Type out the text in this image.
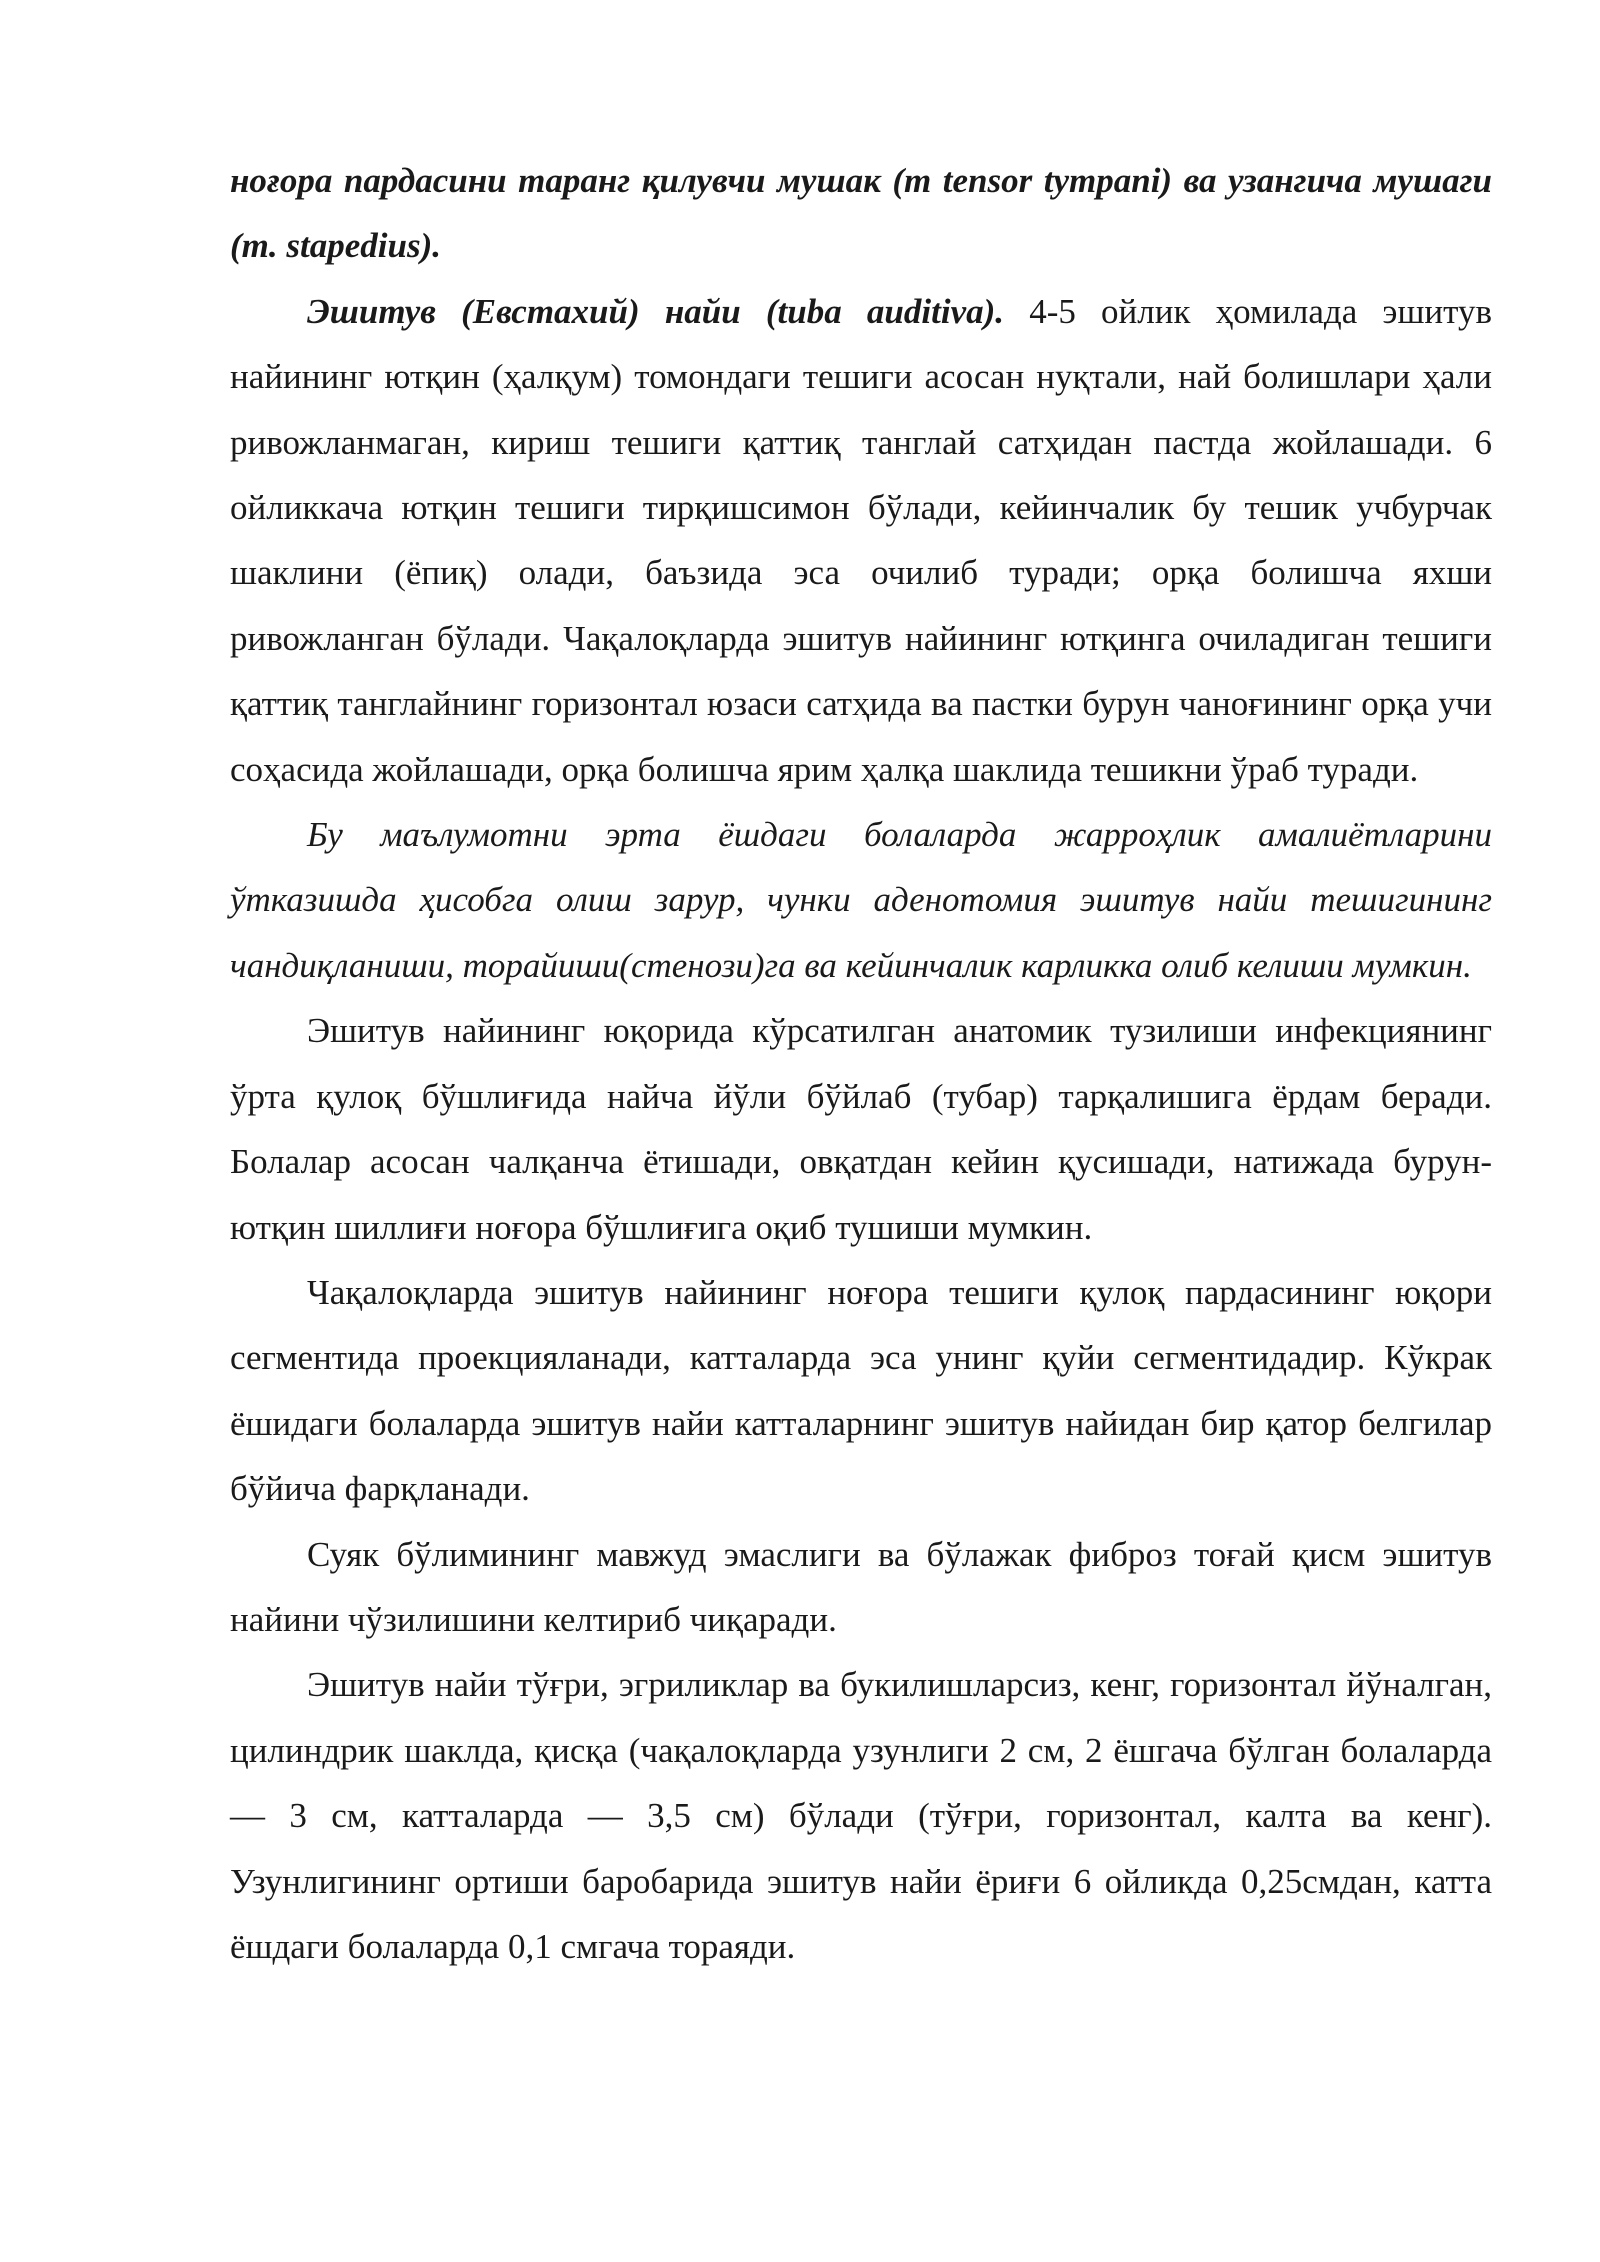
ноғора пардасини таранг қилувчи мушак (m tensor tympani) ва узангича мушаги (m. stapedius).

Эшитув (Евстахий) найи (tuba auditiva). 4-5 ойлик ҳомилада эшитув найининг ютқин (ҳалқум) томондаги тешиги асосан нуқтали, най болишлари ҳали ривожланмаган, кириш тешиги қаттиқ танглай сатҳидан пастда жойлашади. 6 ойликкача ютқин тешиги тирқишсимон бўлади, кейинчалик бу тешик учбурчак шаклини (ёпиқ) олади, баъзида эса очилиб туради; орқа болишча яхши ривожланган бўлади. Чақалоқларда эшитув найининг ютқинга очиладиган тешиги қаттиқ танглайнинг горизонтал юзаси сатҳида ва пастки бурун чаноғининг орқа учи соҳасида жойлашади, орқа болишча ярим ҳалқа шаклида тешикни ўраб туради.

Бу маълумотни эрта ёшдаги болаларда жарроҳлик амалиётларини ўтказишда ҳисобга олиш зарур, чунки аденотомия эшитув найи тешигининг чандиқланиши, торайиши(стенози)га ва кейинчалик карликка олиб келиши мумкин.

Эшитув найининг юқорида кўрсатилган анатомик тузилиши инфекциянинг ўрта қулоқ бўшлиғида найча йўли бўйлаб (тубар) тарқалишига ёрдам беради. Болалар асосан чалқанча ётишади, овқатдан кейин қусишади, натижада бурун-ютқин шиллиғи ноғора бўшлиғига оқиб тушиши мумкин.

Чақалоқларда эшитув найининг ноғора тешиги қулоқ пардасининг юқори сегментида проекцияланади, катталарда эса унинг қуйи сегментидадир. Кўкрак ёшидаги болаларда эшитув найи катталарнинг эшитув найидан бир қатор белгилар бўйича фарқланади.

Суяк бўлимининг мавжуд эмаслиги ва бўлажак фиброз тоғай қисм эшитув найини чўзилишини келтириб чиқаради.

Эшитув найи тўғри, эгриликлар ва букилишларсиз, кенг, горизонтал йўналган, цилиндрик шаклда, қисқа (чақалоқларда узунлиги 2 см, 2 ёшгача бўлган болаларда— 3 см, катталарда — 3,5 см) бўлади (тўғри, горизонтал, калта ва кенг). Узунлигининг ортиши баробарида эшитув найи ёриғи 6 ойликда 0,25смдан, катта ёшдаги болаларда 0,1 смгача тораяди.
